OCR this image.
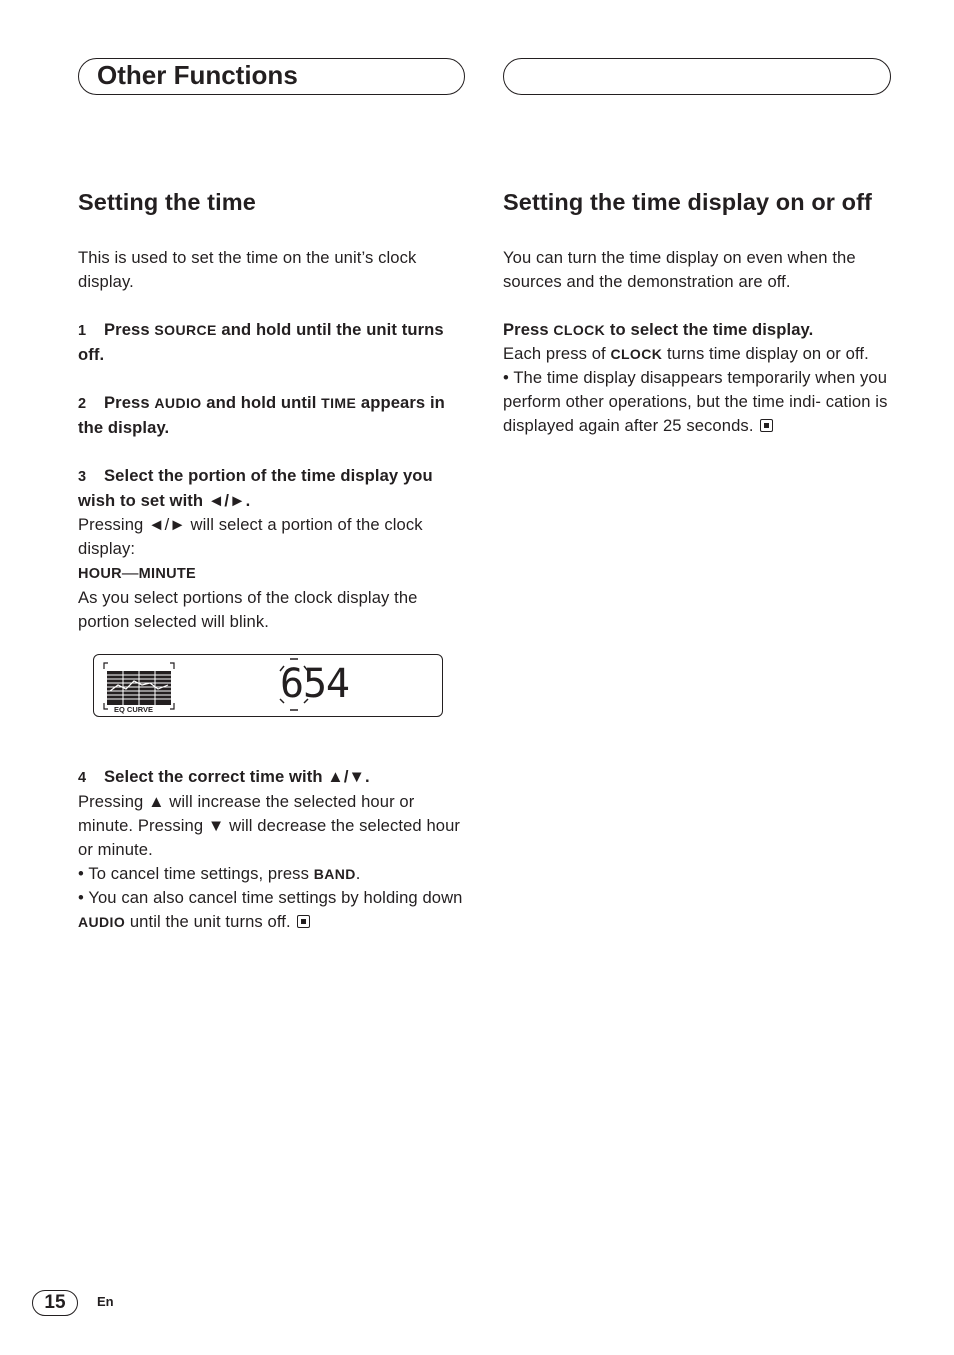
Other Functions
Setting the time

This is used to set the time on the unit’s clock display.

1 Press SOURCE and hold until the unit turns off.

2 Press AUDIO and hold until TIME appears in the display.

3 Select the portion of the time display you wish to set with ◄/►.

Pressing ◄/► will select a portion of the clock display:

HOUR—MINUTE

As you select portions of the clock display the portion selected will blink.

EQ CURVE
654

4 Select the correct time with ▲/▼.

Pressing ▲ will increase the selected hour or minute. Pressing ▼ will decrease the selected hour or minute.

• To cancel time settings, press BAND.

• You can also cancel time settings by holding down AUDIO until the unit turns off.

Setting the time display on or off

You can turn the time display on even when the sources and the demonstration are off.

Press CLOCK to select the time display.

Each press of CLOCK turns time display on or off.

• The time display disappears temporarily when you perform other operations, but the time indi- cation is displayed again after 25 seconds.

15	En
